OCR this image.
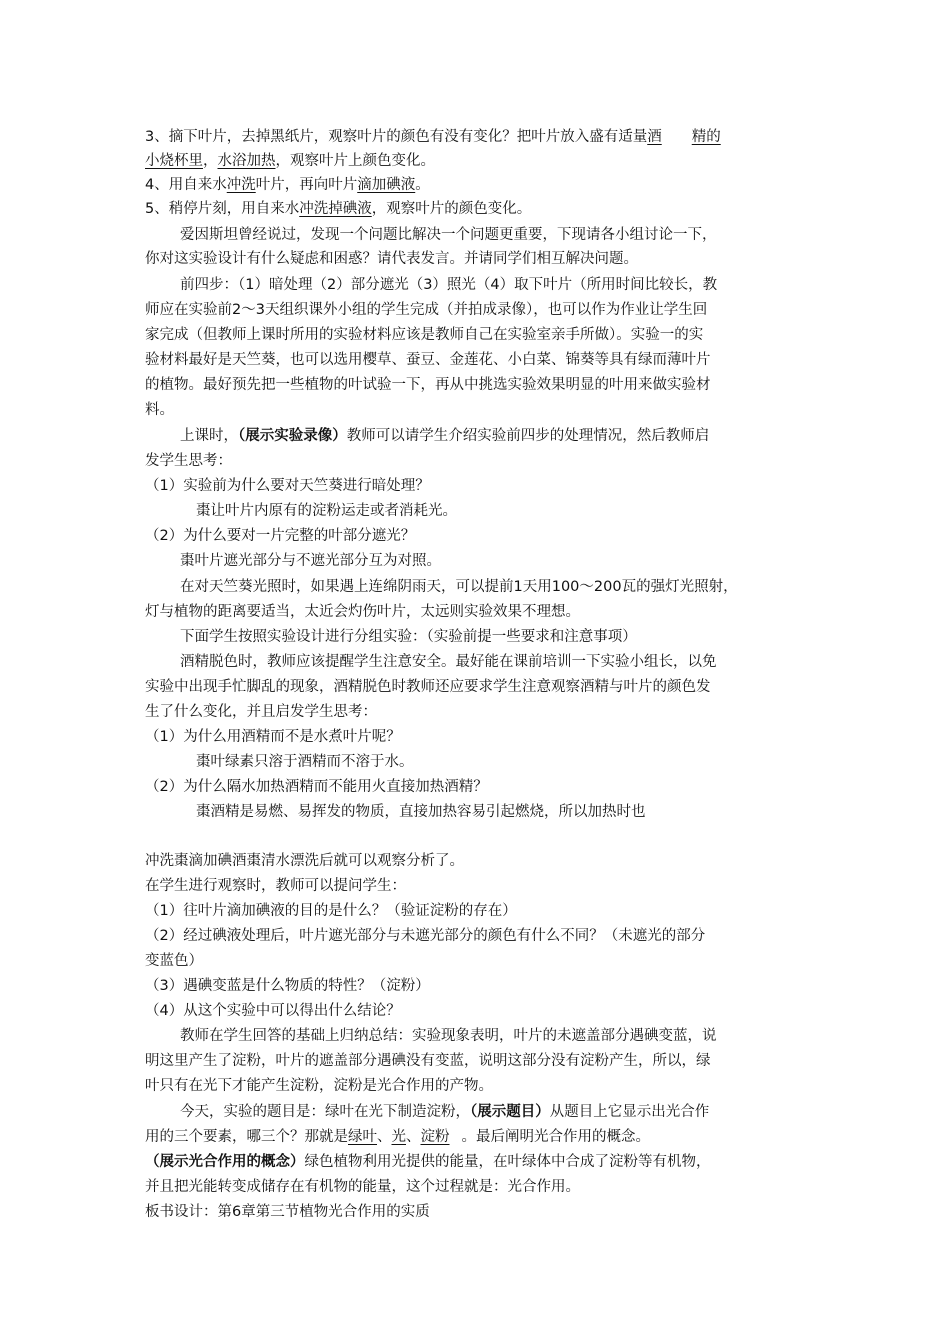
3、摘下叶片，去掉黑纸片，观察叶片的颜色有没有变化？把叶片放入盛有适量酒 精的
小烧杯里，水浴加热，观察叶片上颜色变化。
4、用自来水冲洗叶片，再向叶片滴加碘液。
5、稍停片刻，用自来水冲洗掉碘液，观察叶片的颜色变化。
爱因斯坦曾经说过，发现一个问题比解决一个问题更重要，下现请各小组讨论一下，
你对这实验设计有什么疑虑和困惑？请代表发言。并请同学们相互解决问题。
前四步：（1）暗处理（2）部分遮光（3）照光（4）取下叶片（所用时间比较长，教
师应在实验前2～3天组织课外小组的学生完成（并拍成录像），也可以作为作业让学生回
家完成（但教师上课时所用的实验材料应该是教师自己在实验室亲手所做）。实验一的实
验材料最好是天竺葵，也可以选用樱草、蚕豆、金莲花、小白菜、锦葵等具有绿而薄叶片
的植物。最好预先把一些植物的叶试验一下，再从中挑选实验效果明显的叶用来做实验材
料。
上课时，（展示实验录像）教师可以请学生介绍实验前四步的处理情况，然后教师启
发学生思考：
（1）实验前为什么要对天竺葵进行暗处理？
棗让叶片内原有的淀粉运走或者消耗光。
（2）为什么要对一片完整的叶部分遮光？
棗叶片遮光部分与不遮光部分互为对照。
在对天竺葵光照时，如果遇上连绵阴雨天，可以提前1天用100～200瓦的强灯光照射，
灯与植物的距离要适当，太近会灼伤叶片，太远则实验效果不理想。
下面学生按照实验设计进行分组实验：（实验前提一些要求和注意事项）
酒精脱色时，教师应该提醒学生注意安全。最好能在课前培训一下实验小组长，以免
实验中出现手忙脚乱的现象，酒精脱色时教师还应要求学生注意观察酒精与叶片的颜色发
生了什么变化，并且启发学生思考：
（1）为什么用酒精而不是水煮叶片呢？
棗叶绿素只溶于酒精而不溶于水。
（2）为什么隔水加热酒精而不能用火直接加热酒精？
棗酒精是易燃、易挥发的物质，直接加热容易引起燃烧，所以加热时也
冲洗棗滴加碘酒棗清水漂洗后就可以观察分析了。
在学生进行观察时，教师可以提问学生：
（1）往叶片滴加碘液的目的是什么？（验证淀粉的存在）
（2）经过碘液处理后，叶片遮光部分与未遮光部分的颜色有什么不同？（未遮光的部分
变蓝色）
（3）遇碘变蓝是什么物质的特性？（淀粉）
（4）从这个实验中可以得出什么结论？
教师在学生回答的基础上归纳总结：实验现象表明，叶片的未遮盖部分遇碘变蓝，说
明这里产生了淀粉，叶片的遮盖部分遇碘没有变蓝，说明这部分没有淀粉产生，所以，绿
叶只有在光下才能产生淀粉，淀粉是光合作用的产物。
今天，实验的题目是：绿叶在光下制造淀粉，（展示题目）从题目上它显示出光合作
用的三个要素，哪三个？那就是绿叶、光、淀粉 。最后阐明光合作用的概念。
（展示光合作用的概念）绿色植物利用光提供的能量，在叶绿体中合成了淀粉等有机物，
并且把光能转变成储存在有机物的能量，这个过程就是：光合作用。
板书设计：第6章第三节植物光合作用的实质
